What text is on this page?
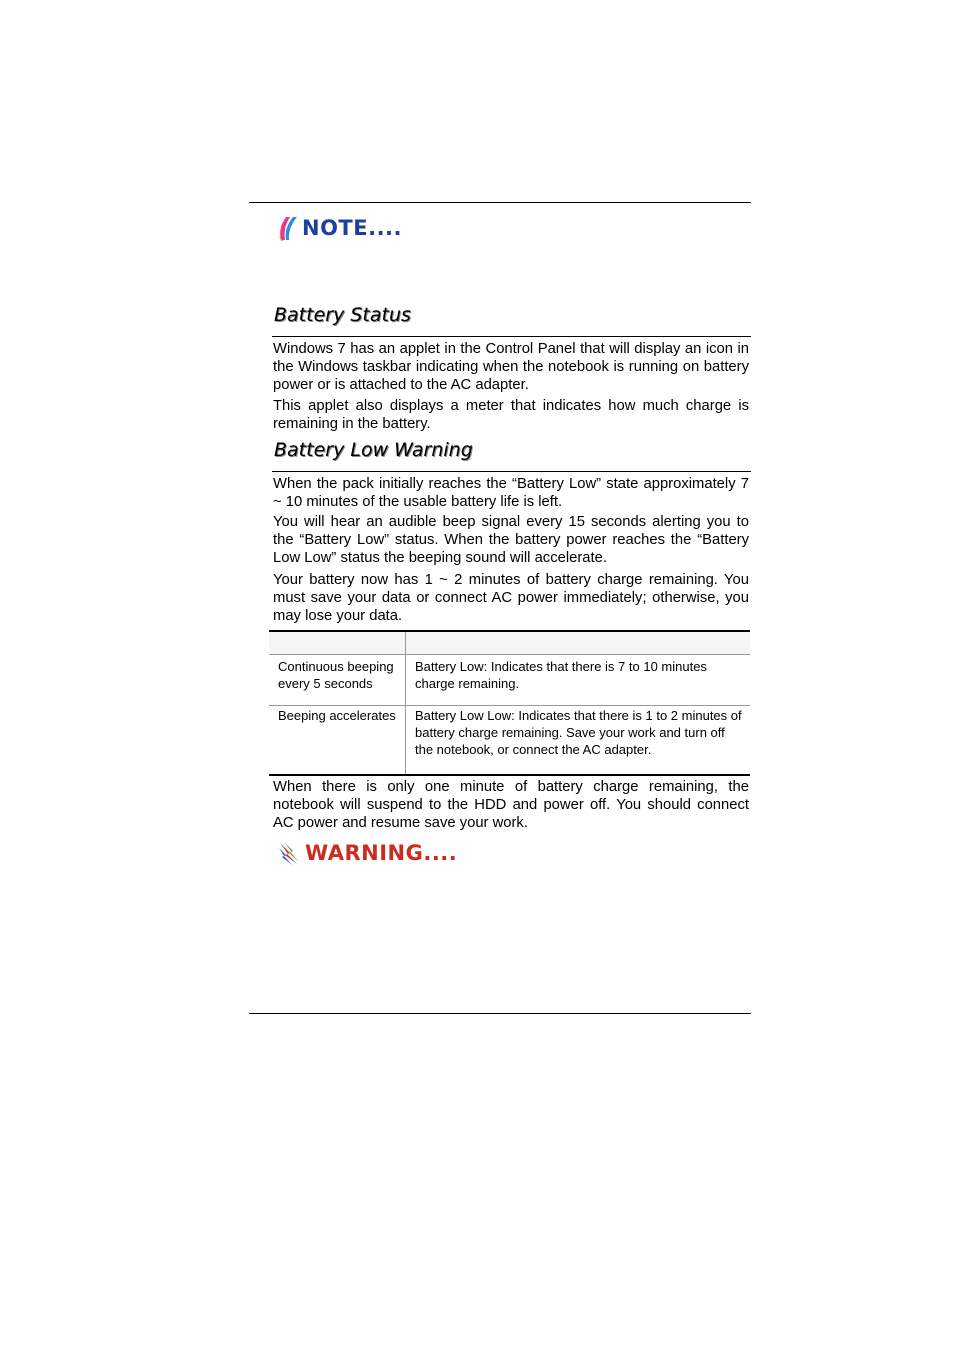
NOTE....
Battery Status

Windows 7 has an applet in the Control Panel that will display an icon in the Windows taskbar indicating when the notebook is running on battery power or is attached to the AC adapter.

This applet also displays a meter that indicates how much charge is remaining in the battery.

Battery Low Warning

When the pack initially reaches the “Battery Low” state approximately 7 ~ 10 minutes of the usable battery life is left.

You will hear an audible beep signal every 15 seconds alerting you to the “Battery Low” status. When the battery power reaches the “Battery Low Low” status the beeping sound will accelerate.

Your battery now has 1 ~ 2 minutes of battery charge remaining. You must save your data or connect AC power immediately; otherwise, you may lose your data.

Continuous beeping every 5 seconds	Battery Low: Indicates that there is 7 to 10 minutes charge remaining.
Beeping accelerates	Battery Low Low: Indicates that there is 1 to 2 minutes of battery charge remaining. Save your work and turn off the notebook, or connect the AC adapter.

When there is only one minute of battery charge remaining, the notebook will suspend to the HDD and power off. You should connect AC power and resume save your work.

WARNING....
